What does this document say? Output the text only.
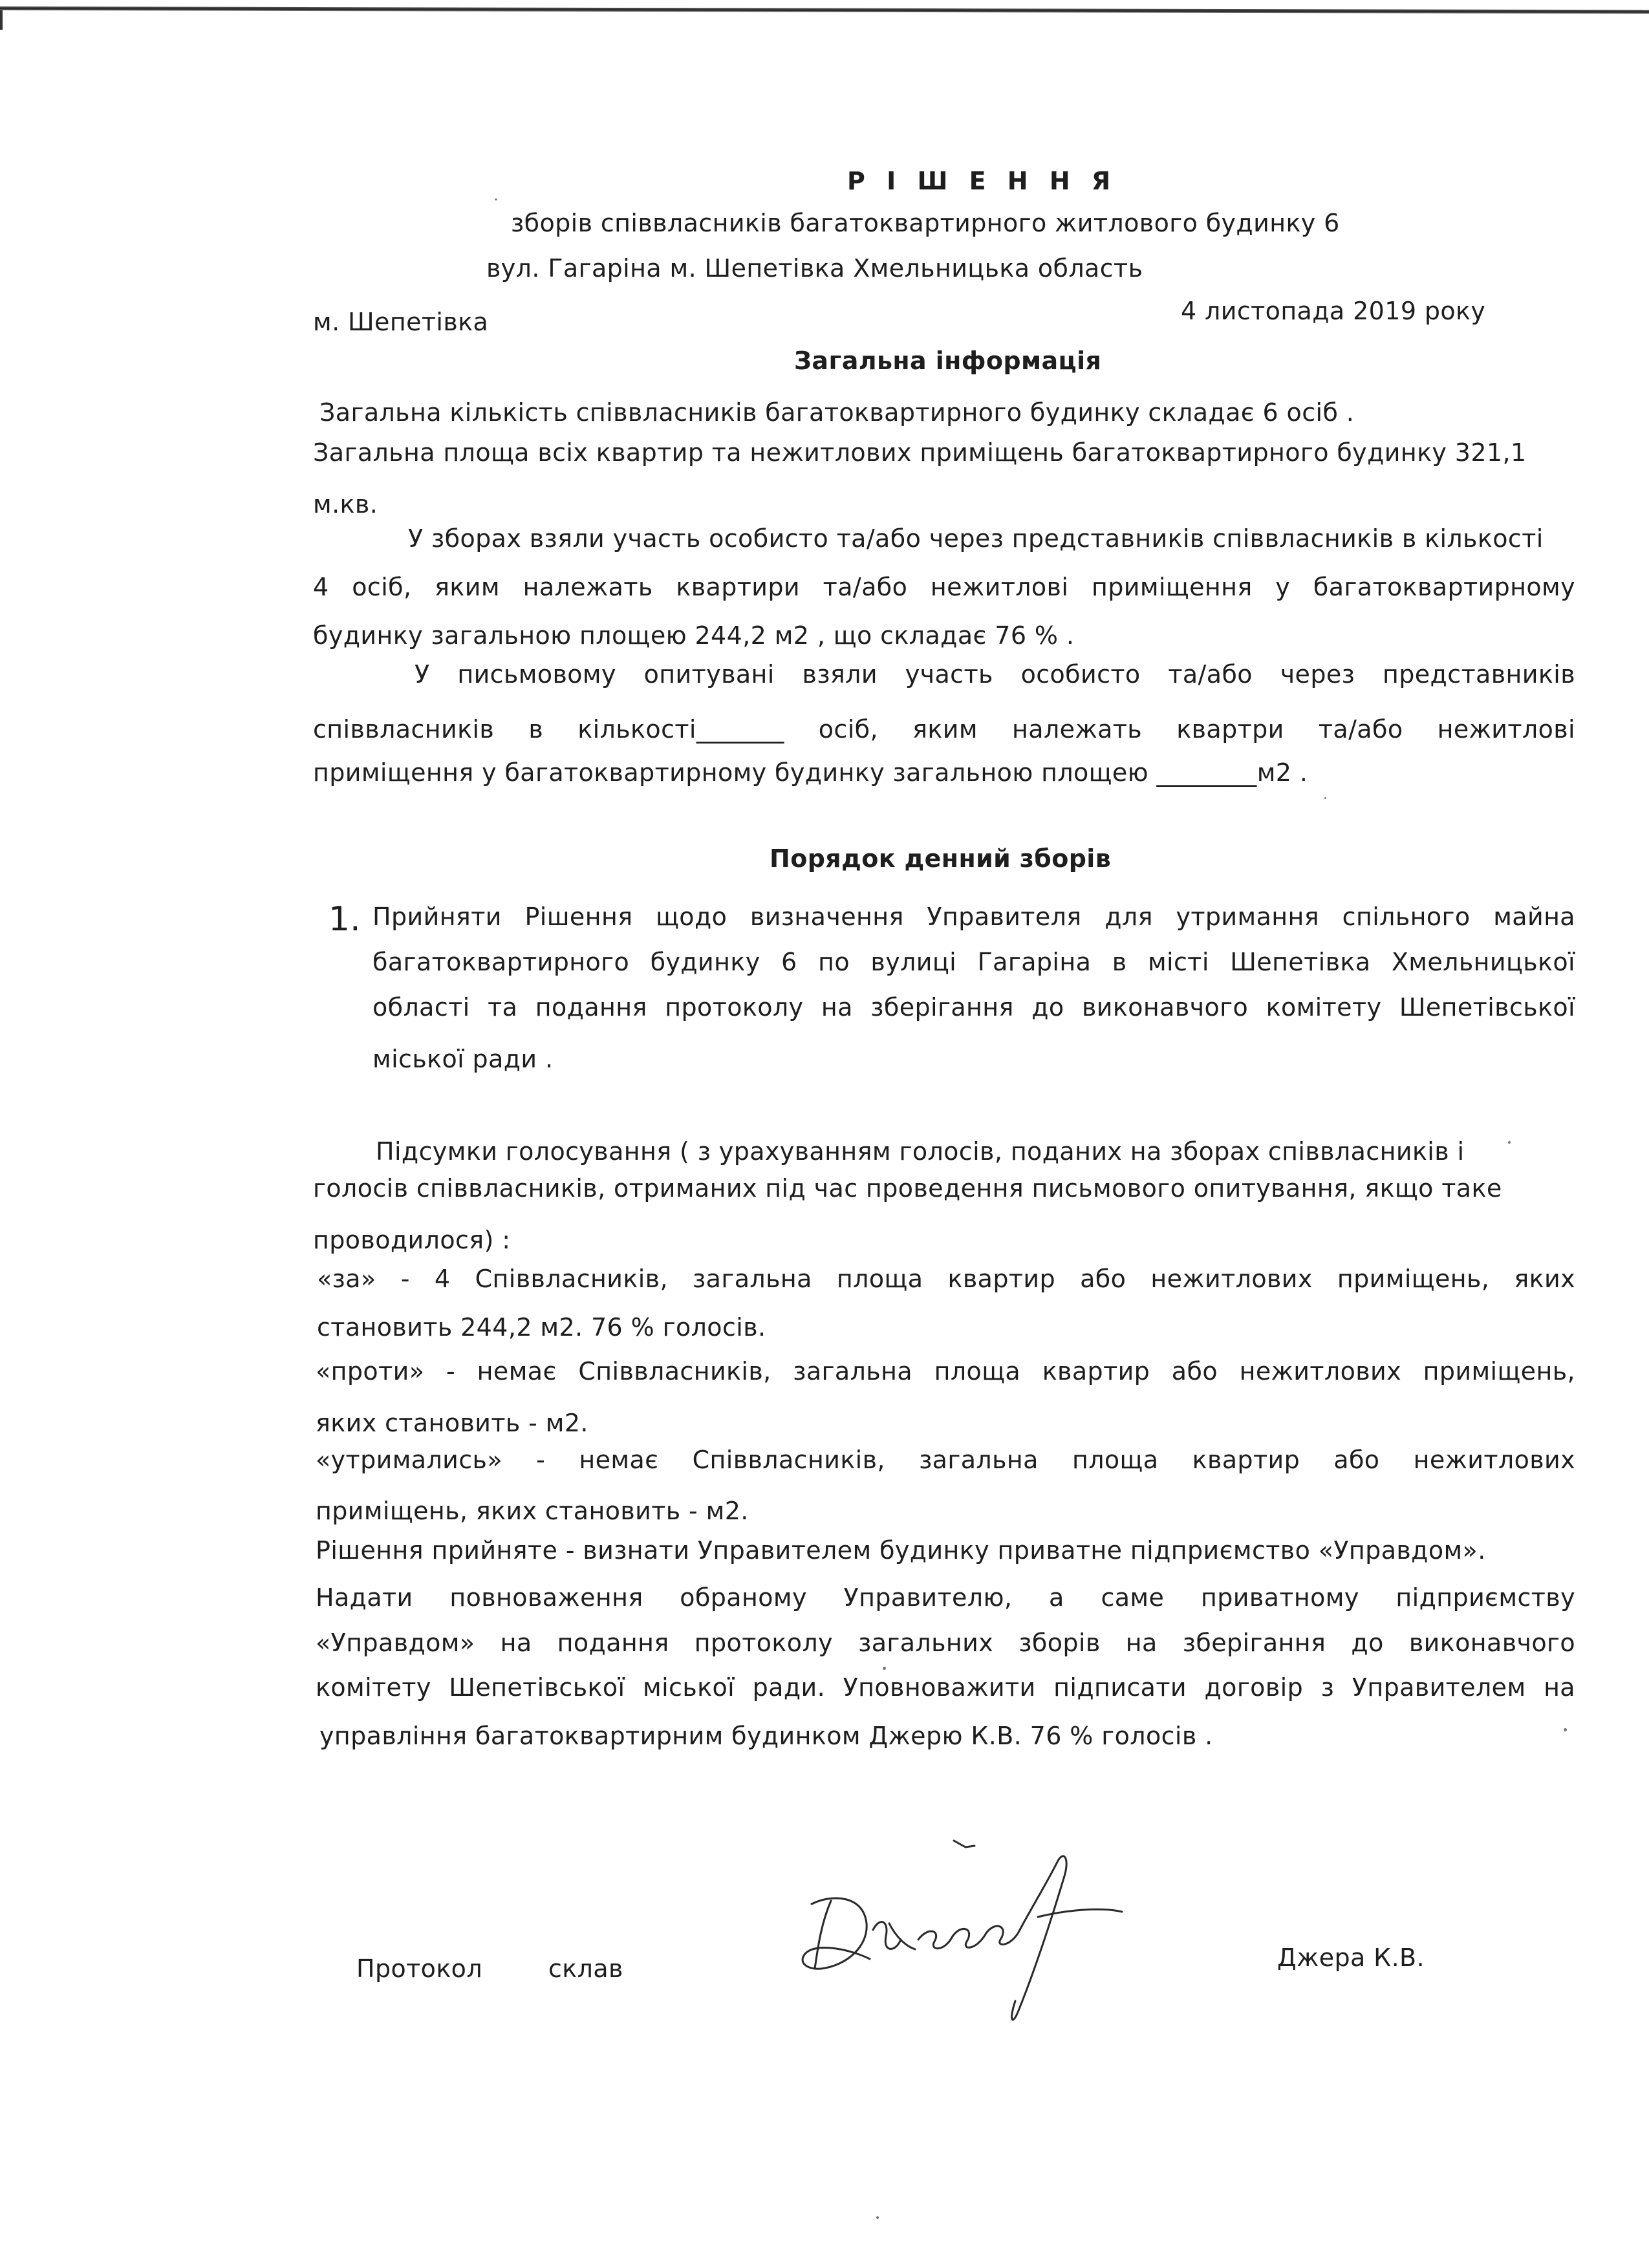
Р І Ш Е Н Н Я
зборів співвласників багатоквартирного житлового будинку 6
вул. Гагаріна м. Шепетівка Хмельницька область
м. Шепетівка	4 листопада 2019 року
Загальна інформація
Загальна кількість співвласників багатоквартирного будинку складає 6 осіб .
Загальна площа всіх квартир та нежитлових приміщень багатоквартирного будинку 321,1
м.кв.
У зборах взяли участь особисто та/або через представників співвласників в кількості
4 осіб, яким належать квартири та/або нежитлові приміщення у багатоквартирному
будинку загальною площею 244,2 м2 , що складає 76 % .
У письмовому опитувані взяли участь особисто та/або через представників
співвласників в кількості_______ осіб, яким належать квартри та/або нежитлові
приміщення у багатоквартирному будинку загальною площею ________м2 .
Порядок денний зборів
1. Прийняти Рішення щодо визначення Управителя для утримання спільного майна
багатоквартирного будинку 6 по вулиці Гагаріна в місті Шепетівка Хмельницької
області та подання протоколу на зберігання до виконавчого комітету Шепетівської
міської ради .
Підсумки голосування ( з урахуванням голосів, поданих на зборах співвласників і
голосів співвласників, отриманих під час проведення письмового опитування, якщо таке
проводилося) :
«за» - 4 Співвласників, загальна площа квартир або нежитлових приміщень, яких
становить 244,2 м2. 76 % голосів.
«проти» - немає Співвласників, загальна площа квартир або нежитлових приміщень,
яких становить - м2.
«утримались» - немає Співвласників, загальна площа квартир або нежитлових
приміщень, яких становить - м2.
Рішення прийняте - визнати Управителем будинку приватне підприємство «Управдом».
Надати повноваження обраному Управителю, а саме приватному підприємству
«Управдом» на подання протоколу загальних зборів на зберігання до виконавчого
комітету Шепетівської міської ради. Уповноважити підписати договір з Управителем на
управління багатоквартирним будинком Джерю К.В. 76 % голосів .
Протокол	склав	Джера К.В.
